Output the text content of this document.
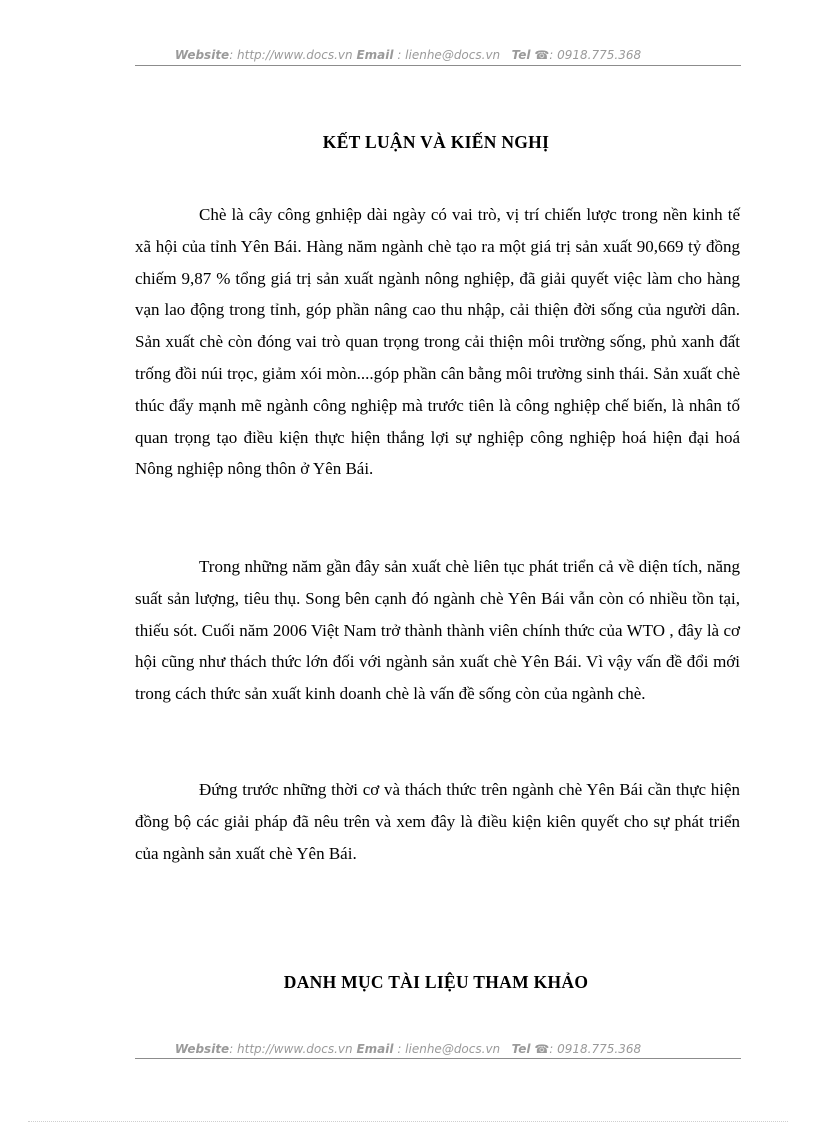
Website: http://www.docs.vn Email : lienhe@docs.vn Tel ☎: 0918.775.368
KẾT LUẬN VÀ KIẾN NGHỊ

Chè là cây công gnhiệp dài ngày có vai trò, vị trí chiến lược trong nền kinh tế xã hội của tỉnh Yên Bái. Hàng năm ngành chè tạo ra một giá trị sản xuất 90,669 tỷ đồng chiếm 9,87 % tổng giá trị sản xuất ngành nông nghiệp, đã giải quyết việc làm cho hàng vạn lao động trong tỉnh, góp phần nâng cao thu nhập, cải thiện đời sống của người dân. Sản xuất chè còn đóng vai trò quan trọng trong cải thiện môi trường sống, phủ xanh đất trống đồi núi trọc, giảm xói mòn....góp phần cân bằng môi trường sinh thái. Sản xuất chè thúc đẩy mạnh mẽ ngành công nghiệp mà trước tiên là công nghiệp chế biến, là nhân tố quan trọng tạo điều kiện thực hiện thắng lợi sự nghiệp công nghiệp hoá hiện đại hoá Nông nghiệp nông thôn ở Yên Bái.

Trong những năm gần đây sản xuất chè liên tục phát triển cả về diện tích, năng suất sản lượng, tiêu thụ. Song bên cạnh đó ngành chè Yên Bái vẫn còn có nhiều tồn tại, thiếu sót. Cuối năm 2006 Việt Nam trở thành thành viên chính thức của WTO , đây là cơ hội cũng như thách thức lớn đối với ngành sản xuất chè Yên Bái. Vì vậy vấn đề đổi mới trong cách thức sản xuất kinh doanh chè là vấn đề sống còn của ngành chè.

Đứng trước những thời cơ và thách thức trên ngành chè Yên Bái cần thực hiện đồng bộ các giải pháp đã nêu trên và xem đây là điều kiện kiên quyết cho sự phát triển của ngành sản xuất chè Yên Bái.

DANH MỤC TÀI LIỆU THAM KHẢO
Website: http://www.docs.vn Email : lienhe@docs.vn Tel ☎: 0918.775.368
